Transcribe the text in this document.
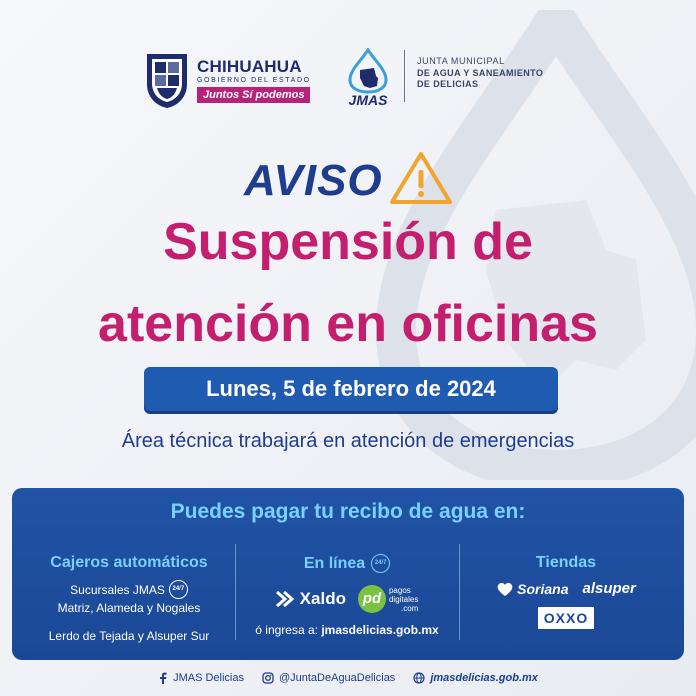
CHIHUAHUA
GOBIERNO DEL ESTADO
Juntos Sí podemos	JMAS
JUNTA MUNICIPAL
DE AGUA Y SANEAMIENTO
DE DELICIAS
AVISO
Suspensión de
atención en oficinas
Lunes, 5 de febrero de 2024
Área técnica trabajará en atención de emergencias
Puedes pagar tu recibo de agua en:
Cajeros automáticos
Sucursales JMAS	24/7
Matriz, Alameda y Nogales
Lerdo de Tejada y Alsuper Sur
En línea	24/7
Xaldo	pd pagos
digitales
.com
ó ingresa a: jmasdelicias.gob.mx
Tiendas
Soriana alsuper
OXXO
JMAS Delicias	@JuntaDeAguaDelicias	jmasdelicias.gob.mx
